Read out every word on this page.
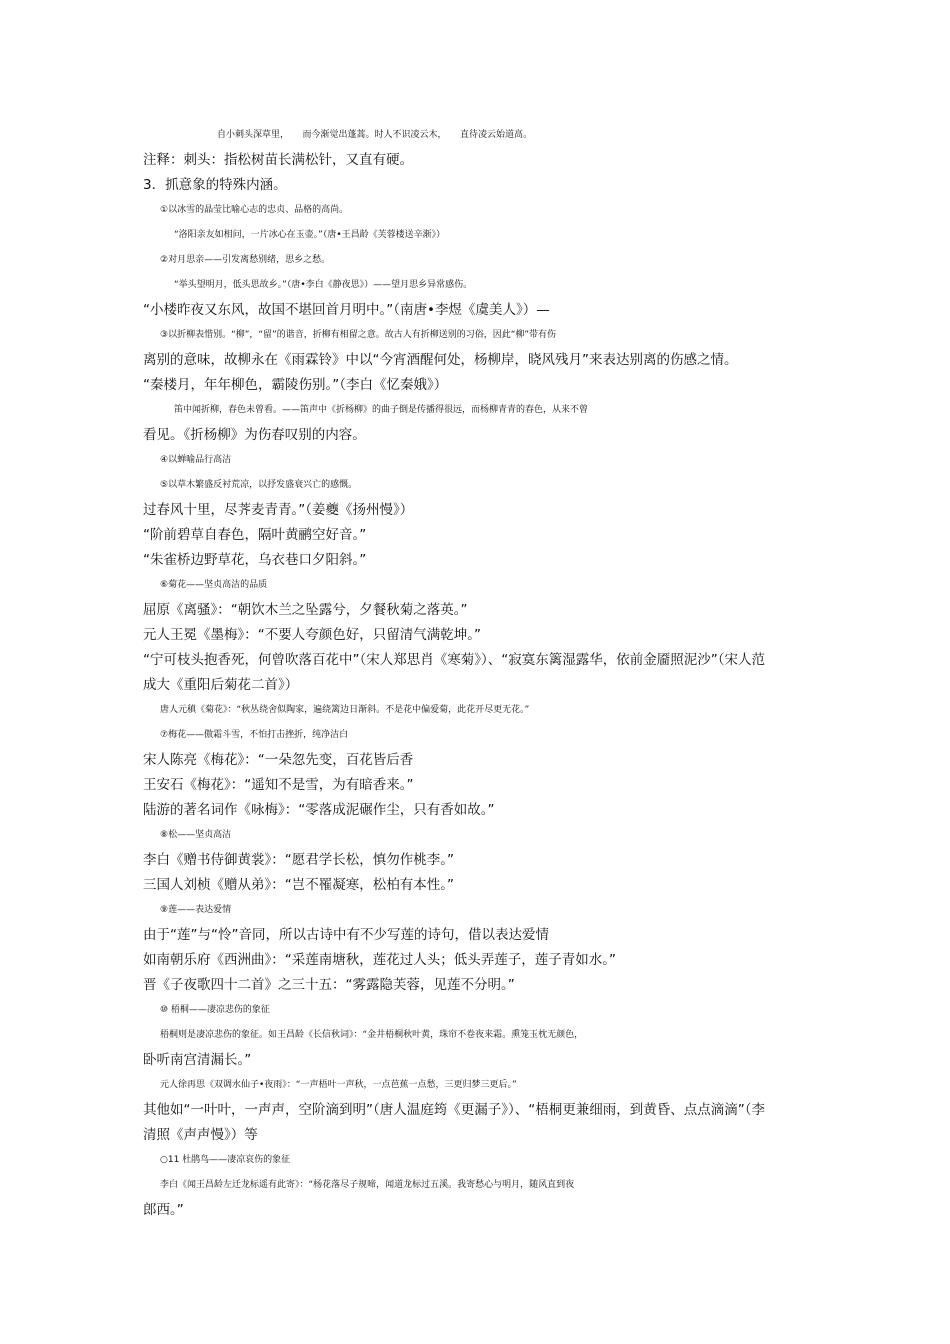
自小刺头深草里，　　而今渐觉出蓬蒿。时人不识凌云木，　　直待凌云始道高。
注释：刺头：指松树苗长满松针，又直有硬。
3．抓意象的特殊内涵。
①以冰雪的晶莹比喻心志的忠贞、品格的高尚。
“洛阳亲友如相问，一片冰心在玉壶。”（唐•王昌龄《芙蓉楼送辛渐》）
②对月思亲——引发离愁别绪，思乡之愁。
“举头望明月，低头思故乡。”（唐•李白《静夜思》）——望月思乡异常感伤。
“小楼昨夜又东风，故国不堪回首月明中。”（南唐•李煜《虞美人》）—
③以折柳表惜别。“柳”，“留”的谐音，折柳有相留之意。故古人有折柳送别的习俗，因此“柳”带有伤
离别的意味，故柳永在《雨霖铃》中以“今宵酒醒何处，杨柳岸，晓风残月”来表达别离的伤感之情。
“秦楼月，年年柳色，霸陵伤别。”（李白《忆秦娥》）
笛中闻折柳，春色未曾看。——笛声中《折杨柳》的曲子倒是传播得很远，而杨柳青青的春色，从来不曾
看见。《折杨柳》为伤春叹别的内容。
④以蝉喻品行高洁
⑤以草木繁盛反衬荒凉，以抒发盛衰兴亡的感慨。
过春风十里，尽荠麦青青。”（姜夔《扬州慢》）
“阶前碧草自春色，隔叶黄鹂空好音。”
“朱雀桥边野草花，乌衣巷口夕阳斜。”
⑥菊花——坚贞高洁的品质
屈原《离骚》：“朝饮木兰之坠露兮，夕餐秋菊之落英。”
元人王冕《墨梅》：“不要人夸颜色好，只留清气满乾坤。”
“宁可枝头抱香死，何曾吹落百花中”（宋人郑思肖《寒菊》）、“寂寞东篱湿露华，依前金靥照泥沙”（宋人范
成大《重阳后菊花二首》）
唐人元稹《菊花》：“秋丛绕舍似陶家，遍绕篱边日渐斜。不是花中偏爱菊，此花开尽更无花。”
⑦梅花——傲霜斗雪，不怕打击挫折，纯净洁白
宋人陈亮《梅花》：“一朵忽先变，百花皆后香
王安石《梅花》：“遥知不是雪，为有暗香来。”
陆游的著名词作《咏梅》：“零落成泥碾作尘，只有香如故。”
⑧松——坚贞高洁
李白《赠书侍御黄裳》：“愿君学长松，慎勿作桃李。”
三国人刘桢《赠从弟》：“岂不罹凝寒，松柏有本性。”
⑨莲——表达爱情
由于“莲”与“怜”音同，所以古诗中有不少写莲的诗句，借以表达爱情
如南朝乐府《西洲曲》：“采莲南塘秋，莲花过人头；低头弄莲子，莲子青如水。”
晋《子夜歌四十二首》之三十五：“雾露隐芙蓉，见莲不分明。”
⑩ 梧桐——凄凉悲伤的象征
梧桐则是凄凉悲伤的象征。如王昌龄《长信秋词》：“金井梧桐秋叶黄，珠帘不卷夜来霜。熏笼玉枕无颜色，
卧听南宫清漏长。”
元人徐再思《双调水仙子•夜雨》：“一声梧叶一声秋，一点芭蕉一点愁，三更归梦三更后。”
其他如“一叶叶，一声声，空阶滴到明”（唐人温庭筠《更漏子》）、“梧桐更兼细雨，到黄昏、点点滴滴”（李
清照《声声慢》）等
○11 杜鹃鸟——凄凉哀伤的象征
李白《闻王昌龄左迁龙标遥有此寄》：“杨花落尽子规啼，闻道龙标过五溪。我寄愁心与明月，随风直到夜
郎西。”
